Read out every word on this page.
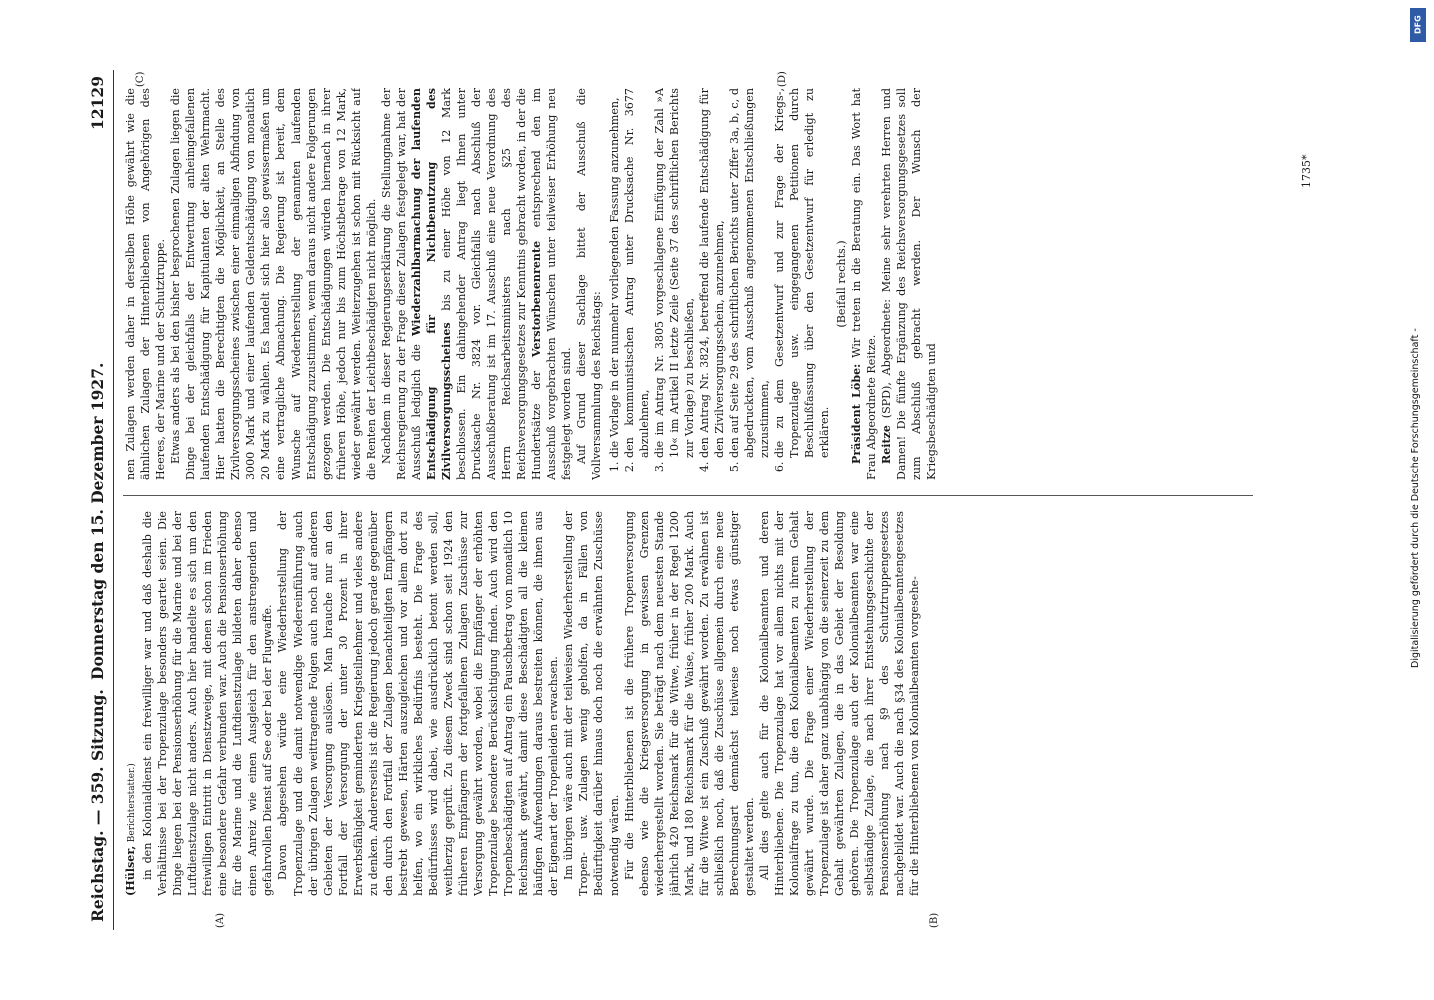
Reichstag. — 359. Sitzung.
Donnerstag den 15. Dezember 1927.
12129
(A)	(B)
(C)	(D)

(Hülser, Berichterstatter.) in den Kolonialdienst ein freiwilliger war und daß deshalb die Verhältnisse bei der Tropenzulage besonders geartet seien. Die Dinge liegen bei der Pensionserhöhung für die Marine und bei der Luftdienstzulage nicht anders. Auch hier handelte es sich um den freiwilligen Eintritt in Dienstzweige, mit denen schon im Frieden eine besondere Gefahr verbunden war. Auch die Pensionserhöhung für die Marine und die Luftdienstzulage bildeten daher ebenso einen Anreiz wie einen Ausgleich für den anstrengenden und gefahrvollen Dienst auf See oder bei der Flugwaffe. Davon abgesehen würde eine Wiederherstellung der Tropenzulage und die damit notwendige Wiedereinführung auch der übrigen Zulagen weittragende Folgen auch noch auf anderen Gebieten der Versorgung auslösen. Man brauche nur an den Fortfall der Versorgung der unter 30 Prozent in ihrer Erwerbsfähigkeit geminderten Kriegsteilnehmer und vieles andere zu denken. Andererseits ist die Regierung jedoch gerade gegenüber den durch den Fortfall der Zulagen benachteiligten Empfängern bestrebt gewesen, Härten auszugleichen und vor allem dort zu helfen, wo ein wirkliches Bedürfnis besteht. Die Frage des Bedürfnisses wird dabei, wie ausdrücklich betont werden soll, weitherzig geprüft. Zu diesem Zweck sind schon seit 1924 den früheren Empfängern der fortgefallenen Zulagen Zuschüsse zur Versorgung gewährt worden, wobei die Empfänger der erhöhten Tropenzulage besondere Berücksichtigung finden. Auch wird den Tropenbeschädigten auf Antrag ein Pauschbetrag von monatlich 10 Reichsmark gewährt, damit diese Beschädigten all die kleinen häufigen Aufwendungen daraus bestreiten können, die ihnen aus der Eigenart der Tropenleiden erwachsen. Im übrigen wäre auch mit der teilweisen Wiederherstellung der Tropen- usw. Zulagen wenig geholfen, da in Fällen von Bedürftigkeit darüber hinaus doch noch die erwähnten Zuschüsse notwendig wären. Für die Hinterbliebenen ist die frühere Tropenversorgung ebenso wie die Kriegsversorgung in gewissen Grenzen wiederhergestellt worden. Sie beträgt nach dem neuesten Stande jährlich 420 Reichsmark für die Witwe, früher in der Regel 1200 Mark, und 180 Reichsmark für die Waise, früher 200 Mark. Auch für die Witwe ist ein Zuschuß gewährt worden. Zu erwähnen ist schließlich noch, daß die Zuschüsse allgemein durch eine neue Berechnungsart demnächst teilweise noch etwas günstiger gestaltet werden. All dies gelte auch für die Kolonialbeamten und deren Hinterbliebene. Die Tropenzulage hat vor allem nichts mit der Kolonialfrage zu tun, die den Kolonialbeamten zu ihrem Gehalt gewährt wurde. Die Frage einer Wiederherstellung der Tropenzulage ist daher ganz unabhängig von die seinerzeit zu dem Gehalt gewährten Zulagen, die in das Gebiet der Besoldung gehören. Die Tropenzulage auch der Kolonialbeamten war eine selbständige Zulage, die nach ihrer Entstehungsgeschichte der Pensionserhöhung nach §9 des Schutztruppengesetzes nachgebildet war. Auch die nach §34 des Kolonialbeamtengesetzes für die Hinterbliebenen von Kolonialbeamten vorgesehe-

nen Zulagen werden daher in derselben Höhe gewährt wie die ähnlichen Zulagen der Hinterbliebenen von Angehörigen des Heeres, der Marine und der Schutztruppe. Etwas anders als bei den bisher besprochenen Zulagen liegen die Dinge bei der gleichfalls der Entwertung anheimgefallenen laufenden Entschädigung für Kapitulanten der alten Wehrmacht. Hier hatten die Berechtigten die Möglichkeit, an Stelle des Zivilversorgungsscheines zwischen einer einmaligen Abfindung von 3000 Mark und einer laufenden Geldentschädigung von monatlich 20 Mark zu wählen. Es handelt sich hier also gewissermaßen um eine vertragliche Abmachung. Die Regierung ist bereit, dem Wunsche auf Wiederherstellung der genannten laufenden Entschädigung zuzustimmen, wenn daraus nicht andere Folgerungen gezogen werden. Die Entschädigungen würden hiernach in ihrer früheren Höhe, jedoch nur bis zum Höchstbetrage von 12 Mark, wieder gewährt werden. Weiterzugehen ist schon mit Rücksicht auf die Renten der Leichtbeschädigten nicht möglich. Nachdem in dieser Regierungserklärung die Stellungnahme der Reichsregierung zu der Frage dieser Zulagen festgelegt war, hat der Ausschuß lediglich die Wiederzahlbarmachung der laufenden Entschädigung für Nichtbenutzung des Zivilversorgungsscheines bis zu einer Höhe von 12 Mark beschlossen. Ein dahingehender Antrag liegt Ihnen unter Drucksache Nr. 3824 vor. Gleichfalls nach Abschluß der Ausschußberatung ist im 17. Ausschuß eine neue Verordnung des Herrn Reichsarbeitsministers nach §25 des Reichsversorgungsgesetzes zur Kenntnis gebracht worden, in der die Hundertsätze der Verstorbenenrente entsprechend den im Ausschuß vorgebrachten Wünschen unter teilweiser Erhöhung neu festgelegt worden sind. Auf Grund dieser Sachlage bittet der Ausschuß die Vollversammlung des Reichstags: 1. die Vorlage in der nunmehr vorliegenden Fassung anzunehmen, 2. den kommunistischen Antrag unter Drucksache Nr. 3677 abzulehnen, 3. die im Antrag Nr. 3805 vorgeschlagene Einfügung der Zahl »A 10« im Artikel II letzte Zeile (Seite 37 des schriftlichen Berichts zur Vorlage) zu beschließen, 4. den Antrag Nr. 3824, betreffend die laufende Entschädigung für den Zivilversorgungsschein, anzunehmen, 5. den auf Seite 29 des schriftlichen Berichts unter Ziffer 3a, b, c, d abgedruckten, vom Ausschuß angenommenen Entschließungen zuzustimmen, 6. die zu dem Gesetzentwurf und zur Frage der Kriegs-, Tropenzulage usw. eingegangenen Petitionen durch Beschlußfassung über den Gesetzentwurf für erledigt zu erklären.

(Beifall rechts.)

Präsident Löbe: Wir treten in die Beratung ein. Das Wort hat Frau Abgeordnete Reitze. Reitze (SPD), Abgeordnete: Meine sehr verehrten Herren und Damen! Die fünfte Ergänzung des Reichsversorgungsgesetzes soll zum Abschluß gebracht werden. Der Wunsch der Kriegsbeschädigten und

1735*
DFG
Digitalisierung gefördert durch die Deutsche Forschungsgemeinschaft -
